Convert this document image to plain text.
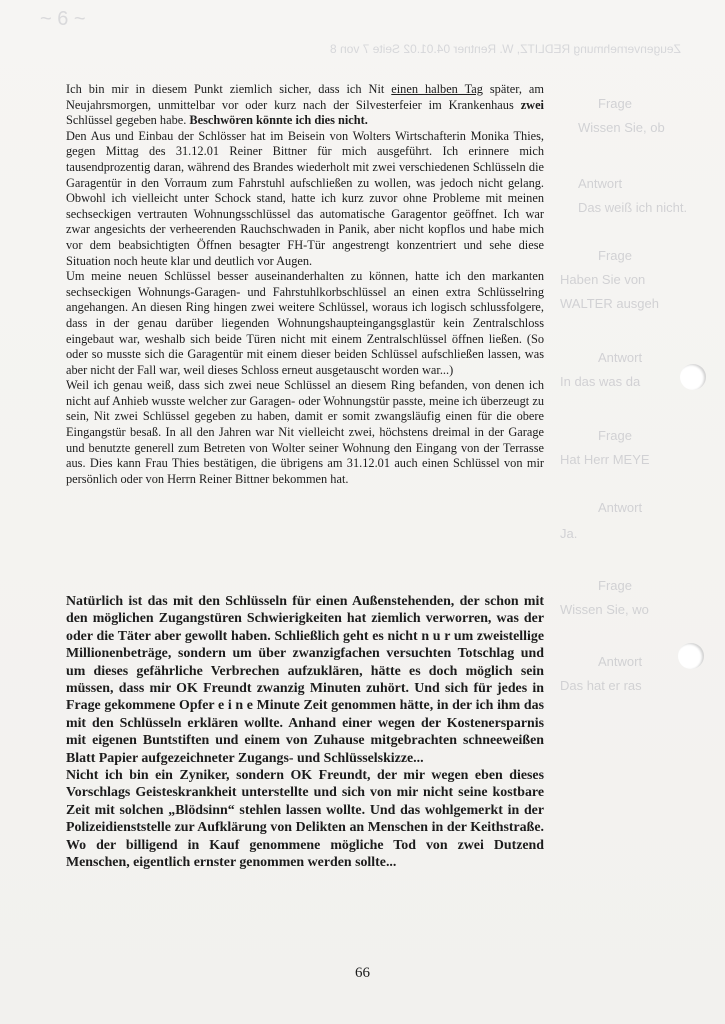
~ 6 ~
Zeugenvernehmung REDLITZ, W. Rentner 04.01.02 Seite 7 von 8
Frage
Wissen Sie, ob
Antwort
Das weiß ich nicht.
Frage
Haben Sie von
WALTER ausgeh
Antwort
In das was da
Frage
Hat Herr MEYE
Antwort
Ja.
Frage
Wissen Sie, wo
Antwort
Das hat er ras

Ich bin mir in diesem Punkt ziemlich sicher, dass ich Nit einen halben Tag später, am Neujahrsmorgen, unmittelbar vor oder kurz nach der Silvesterfeier im Krankenhaus zwei Schlüssel gegeben habe. Beschwören könnte ich dies nicht.

Den Aus und Einbau der Schlösser hat im Beisein von Wolters Wirtschafterin Monika Thies, gegen Mittag des 31.12.01 Reiner Bittner für mich ausgeführt. Ich erinnere mich tausendprozentig daran, während des Brandes wiederholt mit zwei verschiedenen Schlüsseln die Garagentür in den Vorraum zum Fahrstuhl aufschließen zu wollen, was jedoch nicht gelang. Obwohl ich vielleicht unter Schock stand, hatte ich kurz zuvor ohne Probleme mit meinen sechseckigen vertrauten Wohnungsschlüssel das automatische Garagentor geöffnet. Ich war zwar angesichts der verheerenden Rauchschwaden in Panik, aber nicht kopflos und habe mich vor dem beabsichtigten Öffnen besagter FH-Tür angestrengt konzentriert und sehe diese Situation noch heute klar und deutlich vor Augen.

Um meine neuen Schlüssel besser auseinanderhalten zu können, hatte ich den markanten sechseckigen Wohnungs-Garagen- und Fahrstuhlkorbschlüssel an einen extra Schlüsselring angehangen. An diesen Ring hingen zwei weitere Schlüssel, woraus ich logisch schlussfolgere, dass in der genau darüber liegenden Wohnungshaupteingangsglastür kein Zentralschloss eingebaut war, weshalb sich beide Türen nicht mit einem Zentralschlüssel öffnen ließen. (So oder so musste sich die Garagentür mit einem dieser beiden Schlüssel aufschließen lassen, was aber nicht der Fall war, weil dieses Schloss erneut ausgetauscht worden war...)

Weil ich genau weiß, dass sich zwei neue Schlüssel an diesem Ring befanden, von denen ich nicht auf Anhieb wusste welcher zur Garagen- oder Wohnungstür passte, meine ich überzeugt zu sein, Nit zwei Schlüssel gegeben zu haben, damit er somit zwangsläufig einen für die obere Eingangstür besaß. In all den Jahren war Nit vielleicht zwei, höchstens dreimal in der Garage und benutzte generell zum Betreten von Wolter seiner Wohnung den Eingang von der Terrasse aus. Dies kann Frau Thies bestätigen, die übrigens am 31.12.01 auch einen Schlüssel von mir persönlich oder von Herrn Reiner Bittner bekommen hat.

Natürlich ist das mit den Schlüsseln für einen Außenstehenden, der schon mit den möglichen Zugangstüren Schwierigkeiten hat ziemlich verworren, was der oder die Täter aber gewollt haben. Schließlich geht es nicht n u r um zweistellige Millionenbeträge, sondern um über zwanzigfachen versuchten Totschlag und um dieses gefährliche Verbrechen aufzuklären, hätte es doch möglich sein müssen, dass mir OK Freundt zwanzig Minuten zuhört. Und sich für jedes in Frage gekommene Opfer e i n e Minute Zeit genommen hätte, in der ich ihm das mit den Schlüsseln erklären wollte. Anhand einer wegen der Kostenersparnis mit eigenen Buntstiften und einem von Zuhause mitgebrachten schneeweißen Blatt Papier aufgezeichneter Zugangs- und Schlüsselskizze...

Nicht ich bin ein Zyniker, sondern OK Freundt, der mir wegen eben dieses Vorschlags Geisteskrankheit unterstellte und sich von mir nicht seine kostbare Zeit mit solchen „Blödsinn“ stehlen lassen wollte. Und das wohlgemerkt in der Polizeidienststelle zur Aufklärung von Delikten an Menschen in der Keithstraße. Wo der billigend in Kauf genommene mögliche Tod von zwei Dutzend Menschen, eigentlich ernster genommen werden sollte...

66
